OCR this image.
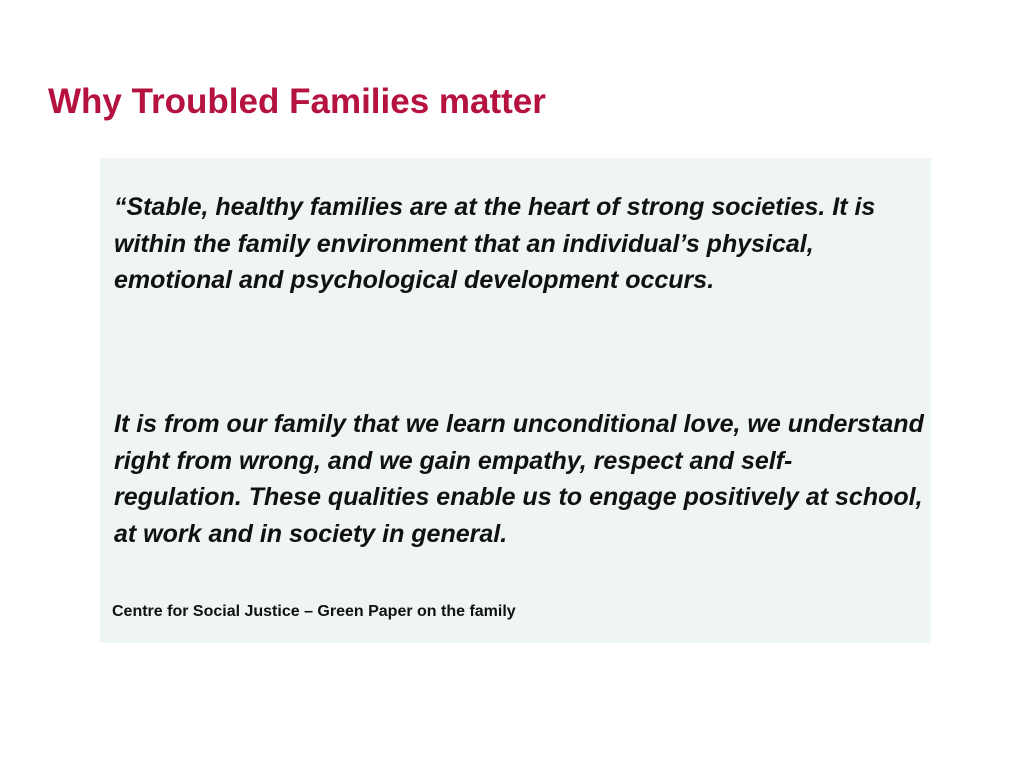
Why Troubled Families matter

“Stable, healthy families are at the heart of strong societies. It is within the family environment that an individual’s physical, emotional and psychological development occurs.

It is from our family that we learn unconditional love, we understand right from wrong, and we gain empathy, respect and self- regulation. These qualities enable us to engage positively at school, at work and in society in general.

Centre for Social Justice – Green Paper on the family
